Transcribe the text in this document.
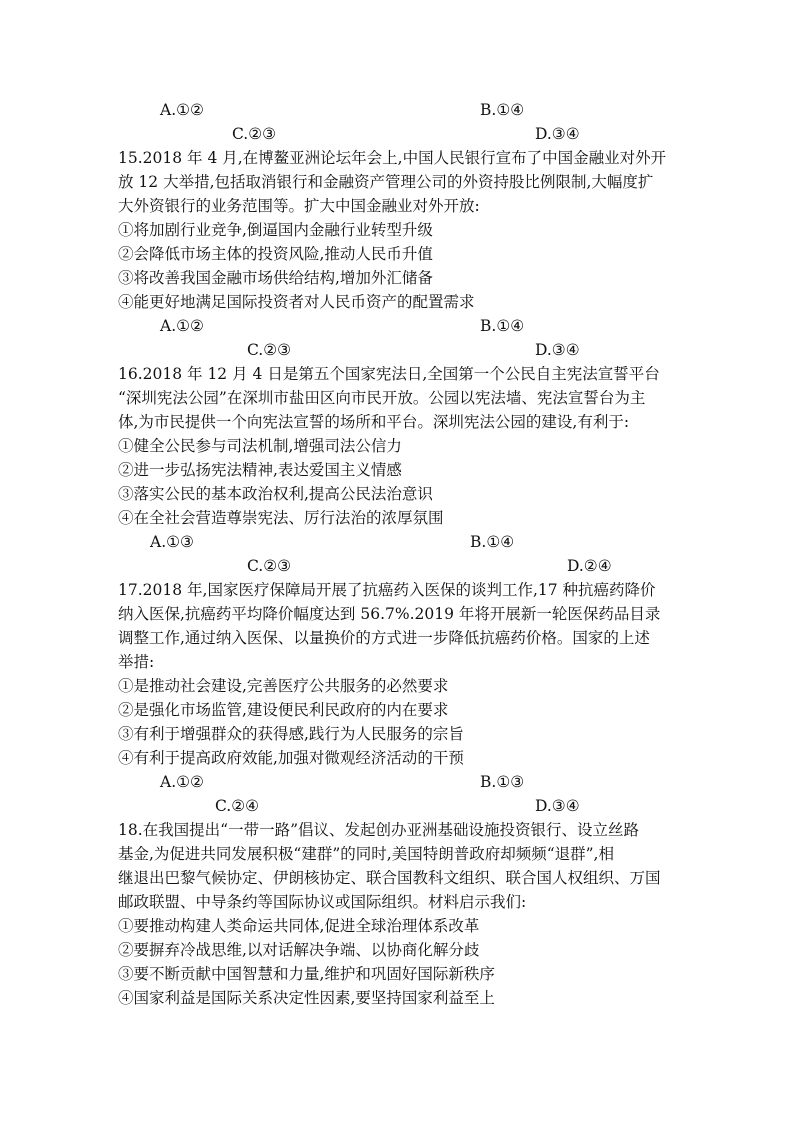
A.①②	B.①④
C.②③	D.③④
15.2018 年 4 月,在博鳌亚洲论坛年会上,中国人民银行宣布了中国金融业对外开
放 12 大举措,包括取消银行和金融资产管理公司的外资持股比例限制,大幅度扩
大外资银行的业务范围等。扩大中国金融业对外开放:
①将加剧行业竞争,倒逼国内金融行业转型升级
②会降低市场主体的投资风险,推动人民币升值
③将改善我国金融市场供给结构,增加外汇储备
④能更好地满足国际投资者对人民币资产的配置需求
A.①②	B.①④
C.②③	D.③④
16.2018 年 12 月 4 日是第五个国家宪法日,全国第一个公民自主宪法宣誓平台
“深圳宪法公园”在深圳市盐田区向市民开放。公园以宪法墙、宪法宣誓台为主
体,为市民提供一个向宪法宣誓的场所和平台。深圳宪法公园的建设,有利于:
①健全公民参与司法机制,增强司法公信力
②进一步弘扬宪法精神,表达爱国主义情感
③落实公民的基本政治权利,提高公民法治意识
④在全社会营造尊崇宪法、厉行法治的浓厚氛围
A.①③	B.①④
C.②③	D.②④
17.2018 年,国家医疗保障局开展了抗癌药入医保的谈判工作,17 种抗癌药降价
纳入医保,抗癌药平均降价幅度达到 56.7%.2019 年将开展新一轮医保药品目录
调整工作,通过纳入医保、以量换价的方式进一步降低抗癌药价格。国家的上述
举措:
①是推动社会建设,完善医疗公共服务的必然要求
②是强化市场监管,建设便民利民政府的内在要求
③有利于增强群众的获得感,践行为人民服务的宗旨
④有利于提高政府效能,加强对微观经济活动的干预
A.①②	B.①③
C.②④	D.③④
18.在我国提出“一带一路”倡议、发起创办亚洲基础设施投资银行、设立丝路
基金,为促进共同发展积极“建群”的同时,美国特朗普政府却频频“退群”,相
继退出巴黎气候协定、伊朗核协定、联合国教科文组织、联合国人权组织、万国
邮政联盟、中导条约等国际协议或国际组织。材料启示我们:
①要推动构建人类命运共同体,促进全球治理体系改革
②要摒弃冷战思维,以对话解决争端、以协商化解分歧
③要不断贡献中国智慧和力量,维护和巩固好国际新秩序
④国家利益是国际关系决定性因素,要坚持国家利益至上
